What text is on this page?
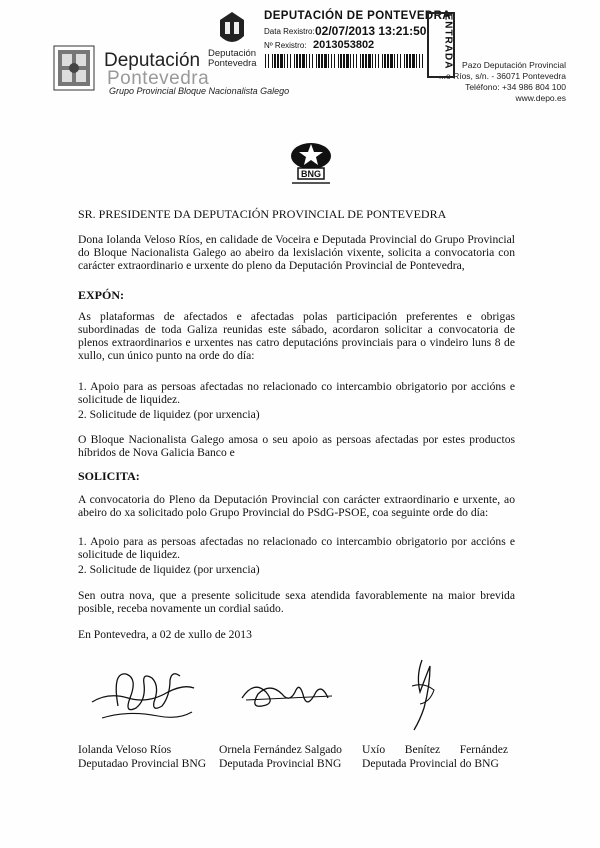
Deputación
Pontevedra
Grupo Provincial Bloque Nacionalista Galego
Deputación
Pontevedra
DEPUTACIÓN DE PONTEVEDRA
Data Rexistro: 02/07/2013 13:21:50
Nº Rexistro: 2013053802	ENTRADA Pazo Deputación Provincial
...o Ríos, s/n. - 36071 Pontevedra
Teléfono: +34 986 804 100
www.depo.es
BNG
SR. PRESIDENTE DA DEPUTACIÓN PROVINCIAL DE PONTEVEDRA
Dona Iolanda Veloso Ríos, en calidade de Voceira e Deputada Provincial do Grupo Provincial do Bloque Nacionalista Galego ao abeiro da lexislación vixente, solicita a convocatoria con carácter extraordinario e urxente do pleno da Deputación Provincial de Pontevedra,
EXPÓN:
As plataformas de afectados e afectadas polas participación preferentes e obrigas subordinadas de toda Galiza reunidas este sábado, acordaron solicitar a convocatoria de plenos extraordinarios e urxentes nas catro deputacións provinciais para o vindeiro luns 8 de xullo, cun único punto na orde do día:
1. Apoio para as persoas afectadas no relacionado co intercambio obrigatorio por accións e solicitude de liquidez.
2. Solicitude de liquidez (por urxencia)
O Bloque Nacionalista Galego amosa o seu apoio as persoas afectadas por estes productos híbridos de Nova Galicia Banco e
SOLICITA:
A convocatoria do Pleno da Deputación Provincial con carácter extraordinario e urxente, ao abeiro do xa solicitado polo Grupo Provincial do PSdG-PSOE, coa seguinte orde do día:
1. Apoio para as persoas afectadas no relacionado co intercambio obrigatorio por accións e solicitude de liquidez.
2. Solicitude de liquidez (por urxencia)
Sen outra nova, que a presente solicitude sexa atendida favorablemente na maior brevida posible, receba novamente un cordial saúdo.
En Pontevedra, a 02 de xullo de 2013
Iolanda Veloso Ríos
Deputadao Provincial BNG
Ornela Fernández Salgado
Deputada Provincial BNG
Uxío Benítez Fernández
Deputada Provincial do BNG
